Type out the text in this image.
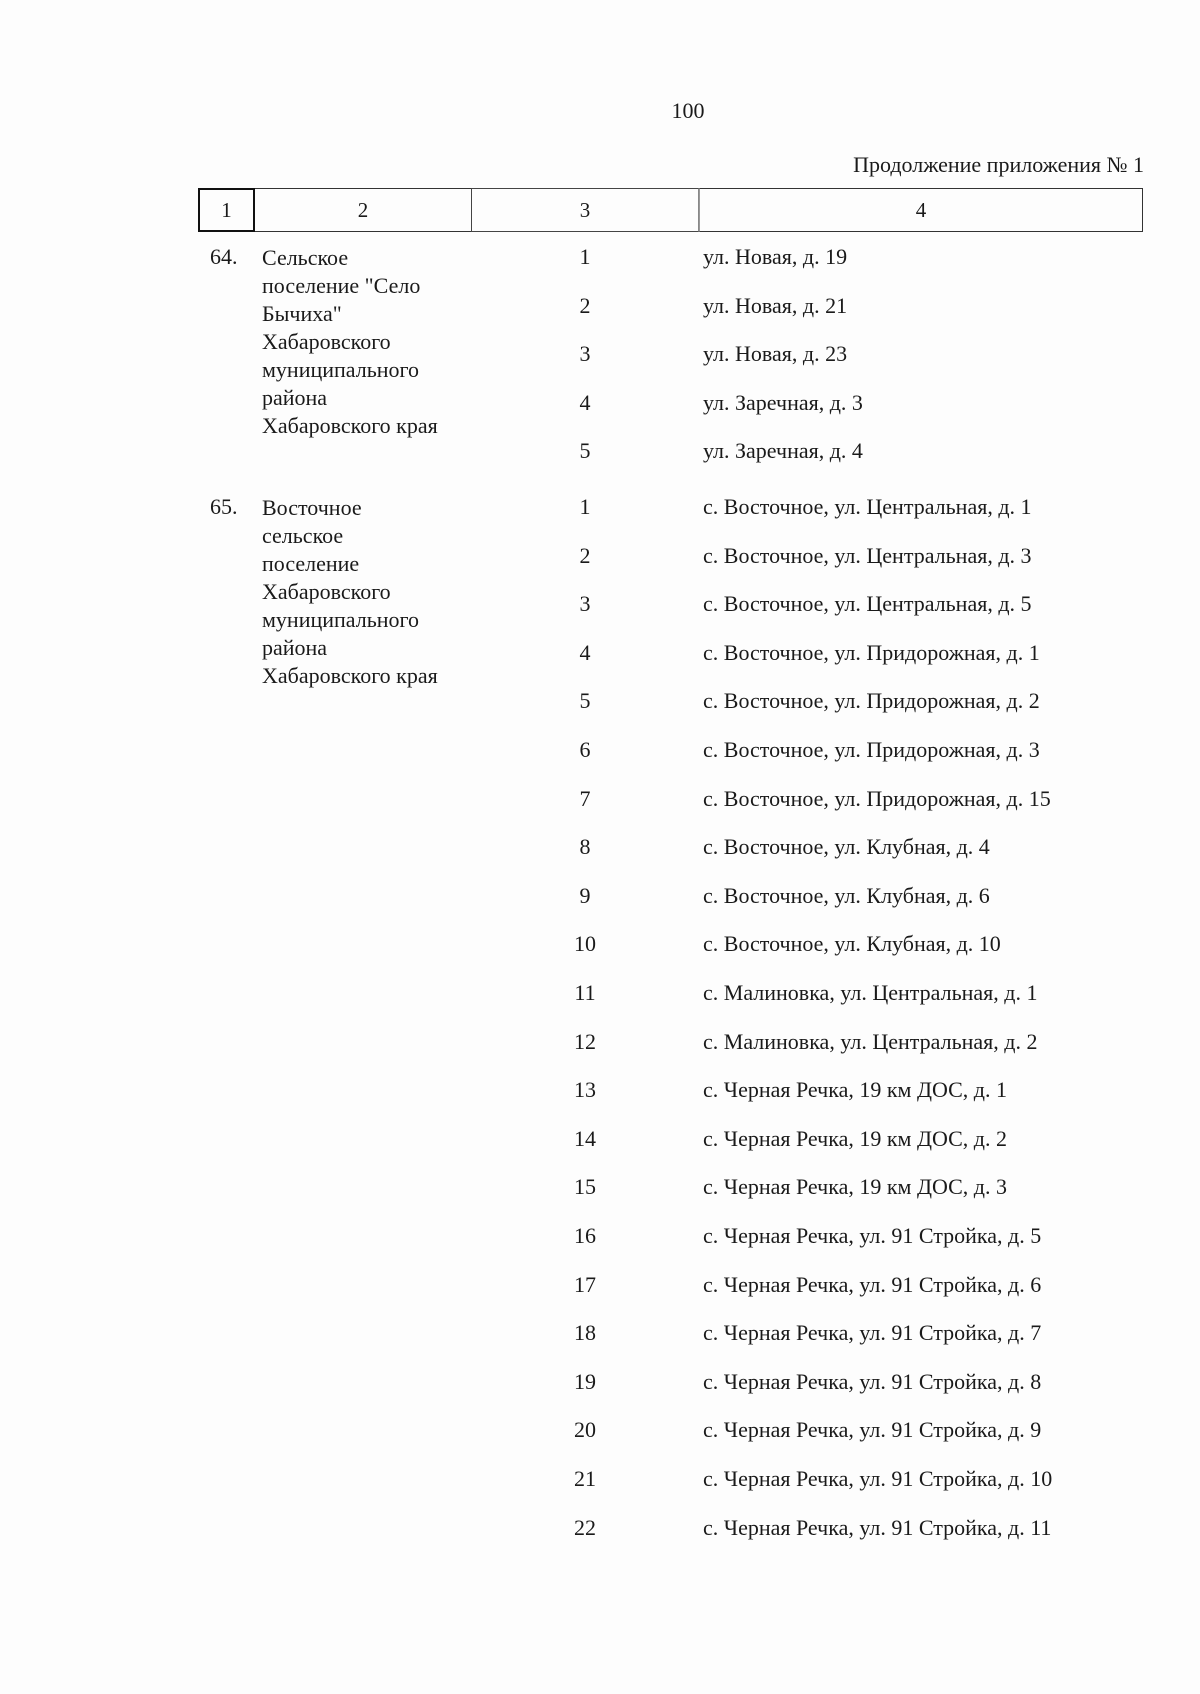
100
Продолжение приложения № 1
1	2	3	4
64. Сельское
поселение "Село
Бычиха"
Хабаровского
муниципального
района
Хабаровского края
1	ул. Новая, д. 19
2	ул. Новая, д. 21
3	ул. Новая, д. 23
4	ул. Заречная, д. 3
5	ул. Заречная, д. 4
65. Восточное
сельское
поселение
Хабаровского
муниципального
района
Хабаровского края
1	с. Восточное, ул. Центральная, д. 1
2	с. Восточное, ул. Центральная, д. 3
3	с. Восточное, ул. Центральная, д. 5
4	с. Восточное, ул. Придорожная, д. 1
5	с. Восточное, ул. Придорожная, д. 2
6	с. Восточное, ул. Придорожная, д. 3
7	с. Восточное, ул. Придорожная, д. 15
8	с. Восточное, ул. Клубная, д. 4
9	с. Восточное, ул. Клубная, д. 6
10	с. Восточное, ул. Клубная, д. 10
11	с. Малиновка, ул. Центральная, д. 1
12	с. Малиновка, ул. Центральная, д. 2
13	с. Черная Речка, 19 км ДОС, д. 1
14	с. Черная Речка, 19 км ДОС, д. 2
15	с. Черная Речка, 19 км ДОС, д. 3
16	с. Черная Речка, ул. 91 Стройка, д. 5
17	с. Черная Речка, ул. 91 Стройка, д. 6
18	с. Черная Речка, ул. 91 Стройка, д. 7
19	с. Черная Речка, ул. 91 Стройка, д. 8
20	с. Черная Речка, ул. 91 Стройка, д. 9
21	с. Черная Речка, ул. 91 Стройка, д. 10
22	с. Черная Речка, ул. 91 Стройка, д. 11
